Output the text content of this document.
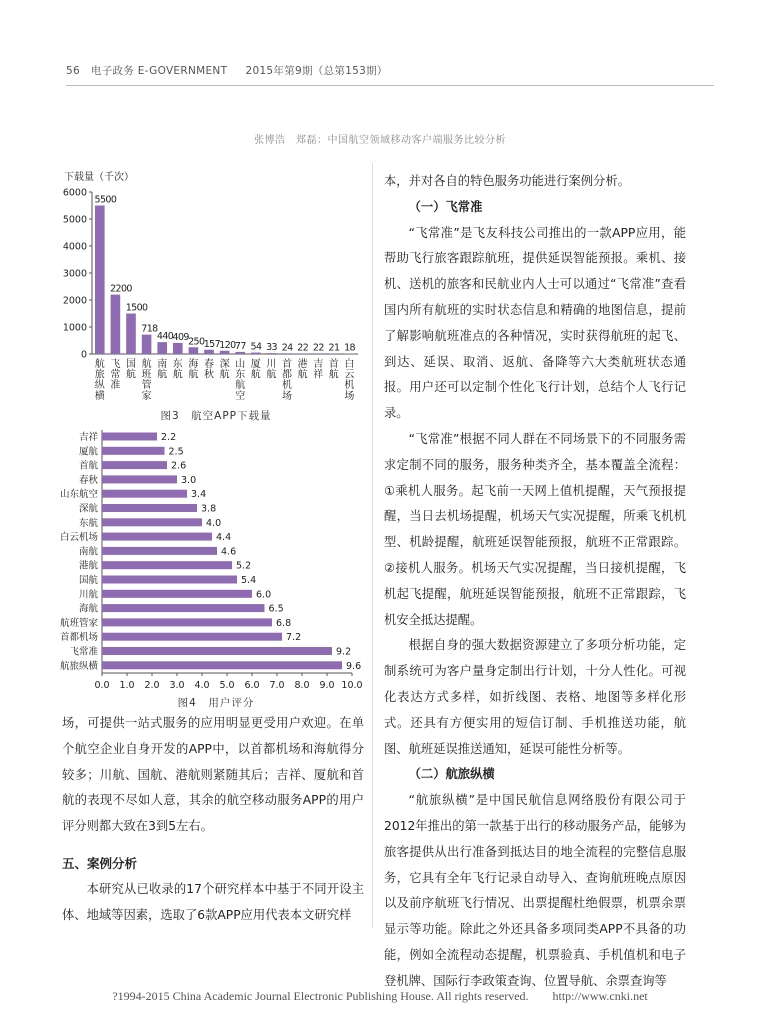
56 电子政务 E-GOVERNMENT 2015年第9期（总第153期）
张博浩　郑磊：中国航空领域移动客户端服务比较分析
下载量（千次）
0
1000
2000
3000
4000
5000
6000
5500
2200
1500
718
440 409 250 157 120 77 54 33 24 22 22 21 18
航旅纵横
飞常准
国航
航班管家
南航
东航
海航
春秋
深航
山东航空
厦航
川航
首都机场
港航
吉祥
首航
白云机场
图3　航空APP下载量
0.0 1.0 2.0 3.0 4.0 5.0 6.0 7.0 8.0 9.0 10.0
2.2
2.5
2.6
3.0
3.4
3.8
4.0
4.4
4.6
5.2
5.4
6.0
6.5
6.8
7.2
9.2
9.6
吉祥
厦航
首航
春秋
山东航空
深航
东航
白云机场
南航
港航
国航
川航
海航
航班管家
首都机场
飞常准
航旅纵横
图4　用户评分

场，可提供一站式服务的应用明显更受用户欢迎。在单个航空企业自身开发的APP中，以首都机场和海航得分较多；川航、国航、港航则紧随其后；吉祥、厦航和首航的表现不尽如人意，其余的航空移动服务APP的用户评分则都大致在3到5左右。

五、案例分析

本研究从已收录的17个研究样本中基于不同开设主体、地域等因素，选取了6款APP应用代表本文研究样

本，并对各自的特色服务功能进行案例分析。

（一）飞常准

“飞常准”是飞友科技公司推出的一款APP应用，能帮助飞行旅客跟踪航班，提供延误智能预报。乘机、接机、送机的旅客和民航业内人士可以通过“飞常准”查看国内所有航班的实时状态信息和精确的地图信息，提前了解影响航班准点的各种情况，实时获得航班的起飞、到达、延误、取消、返航、备降等六大类航班状态通报。用户还可以定制个性化飞行计划，总结个人飞行记录。

“飞常准”根据不同人群在不同场景下的不同服务需求定制不同的服务，服务种类齐全，基本覆盖全流程：①乘机人服务。起飞前一天网上值机提醒，天气预报提醒，当日去机场提醒，机场天气实况提醒，所乘飞机机型、机龄提醒，航班延误智能预报，航班不正常跟踪。②接机人服务。机场天气实况提醒，当日接机提醒，飞机起飞提醒，航班延误智能预报，航班不正常跟踪，飞机安全抵达提醒。

根据自身的强大数据资源建立了多项分析功能，定制系统可为客户量身定制出行计划，十分人性化。可视化表达方式多样，如折线图、表格、地图等多样化形式。还具有方便实用的短信订制、手机推送功能，航图、航班延误推送通知，延误可能性分析等。

（二）航旅纵横

“航旅纵横”是中国民航信息网络股份有限公司于2012年推出的第一款基于出行的移动服务产品，能够为旅客提供从出行准备到抵达目的地全流程的完整信息服务，它具有全年飞行记录自动导入、查询航班晚点原因以及前序航班飞行情况、出票提醒杜绝假票，机票余票显示等功能。除此之外还具备多项同类APP不具备的功能，例如全流程动态提醒，机票验真、手机值机和电子登机牌、国际行李政策查询、位置导航、余票查询等

?1994-2015 China Academic Journal Electronic Publishing House. All rights reserved.　　http://www.cnki.net
